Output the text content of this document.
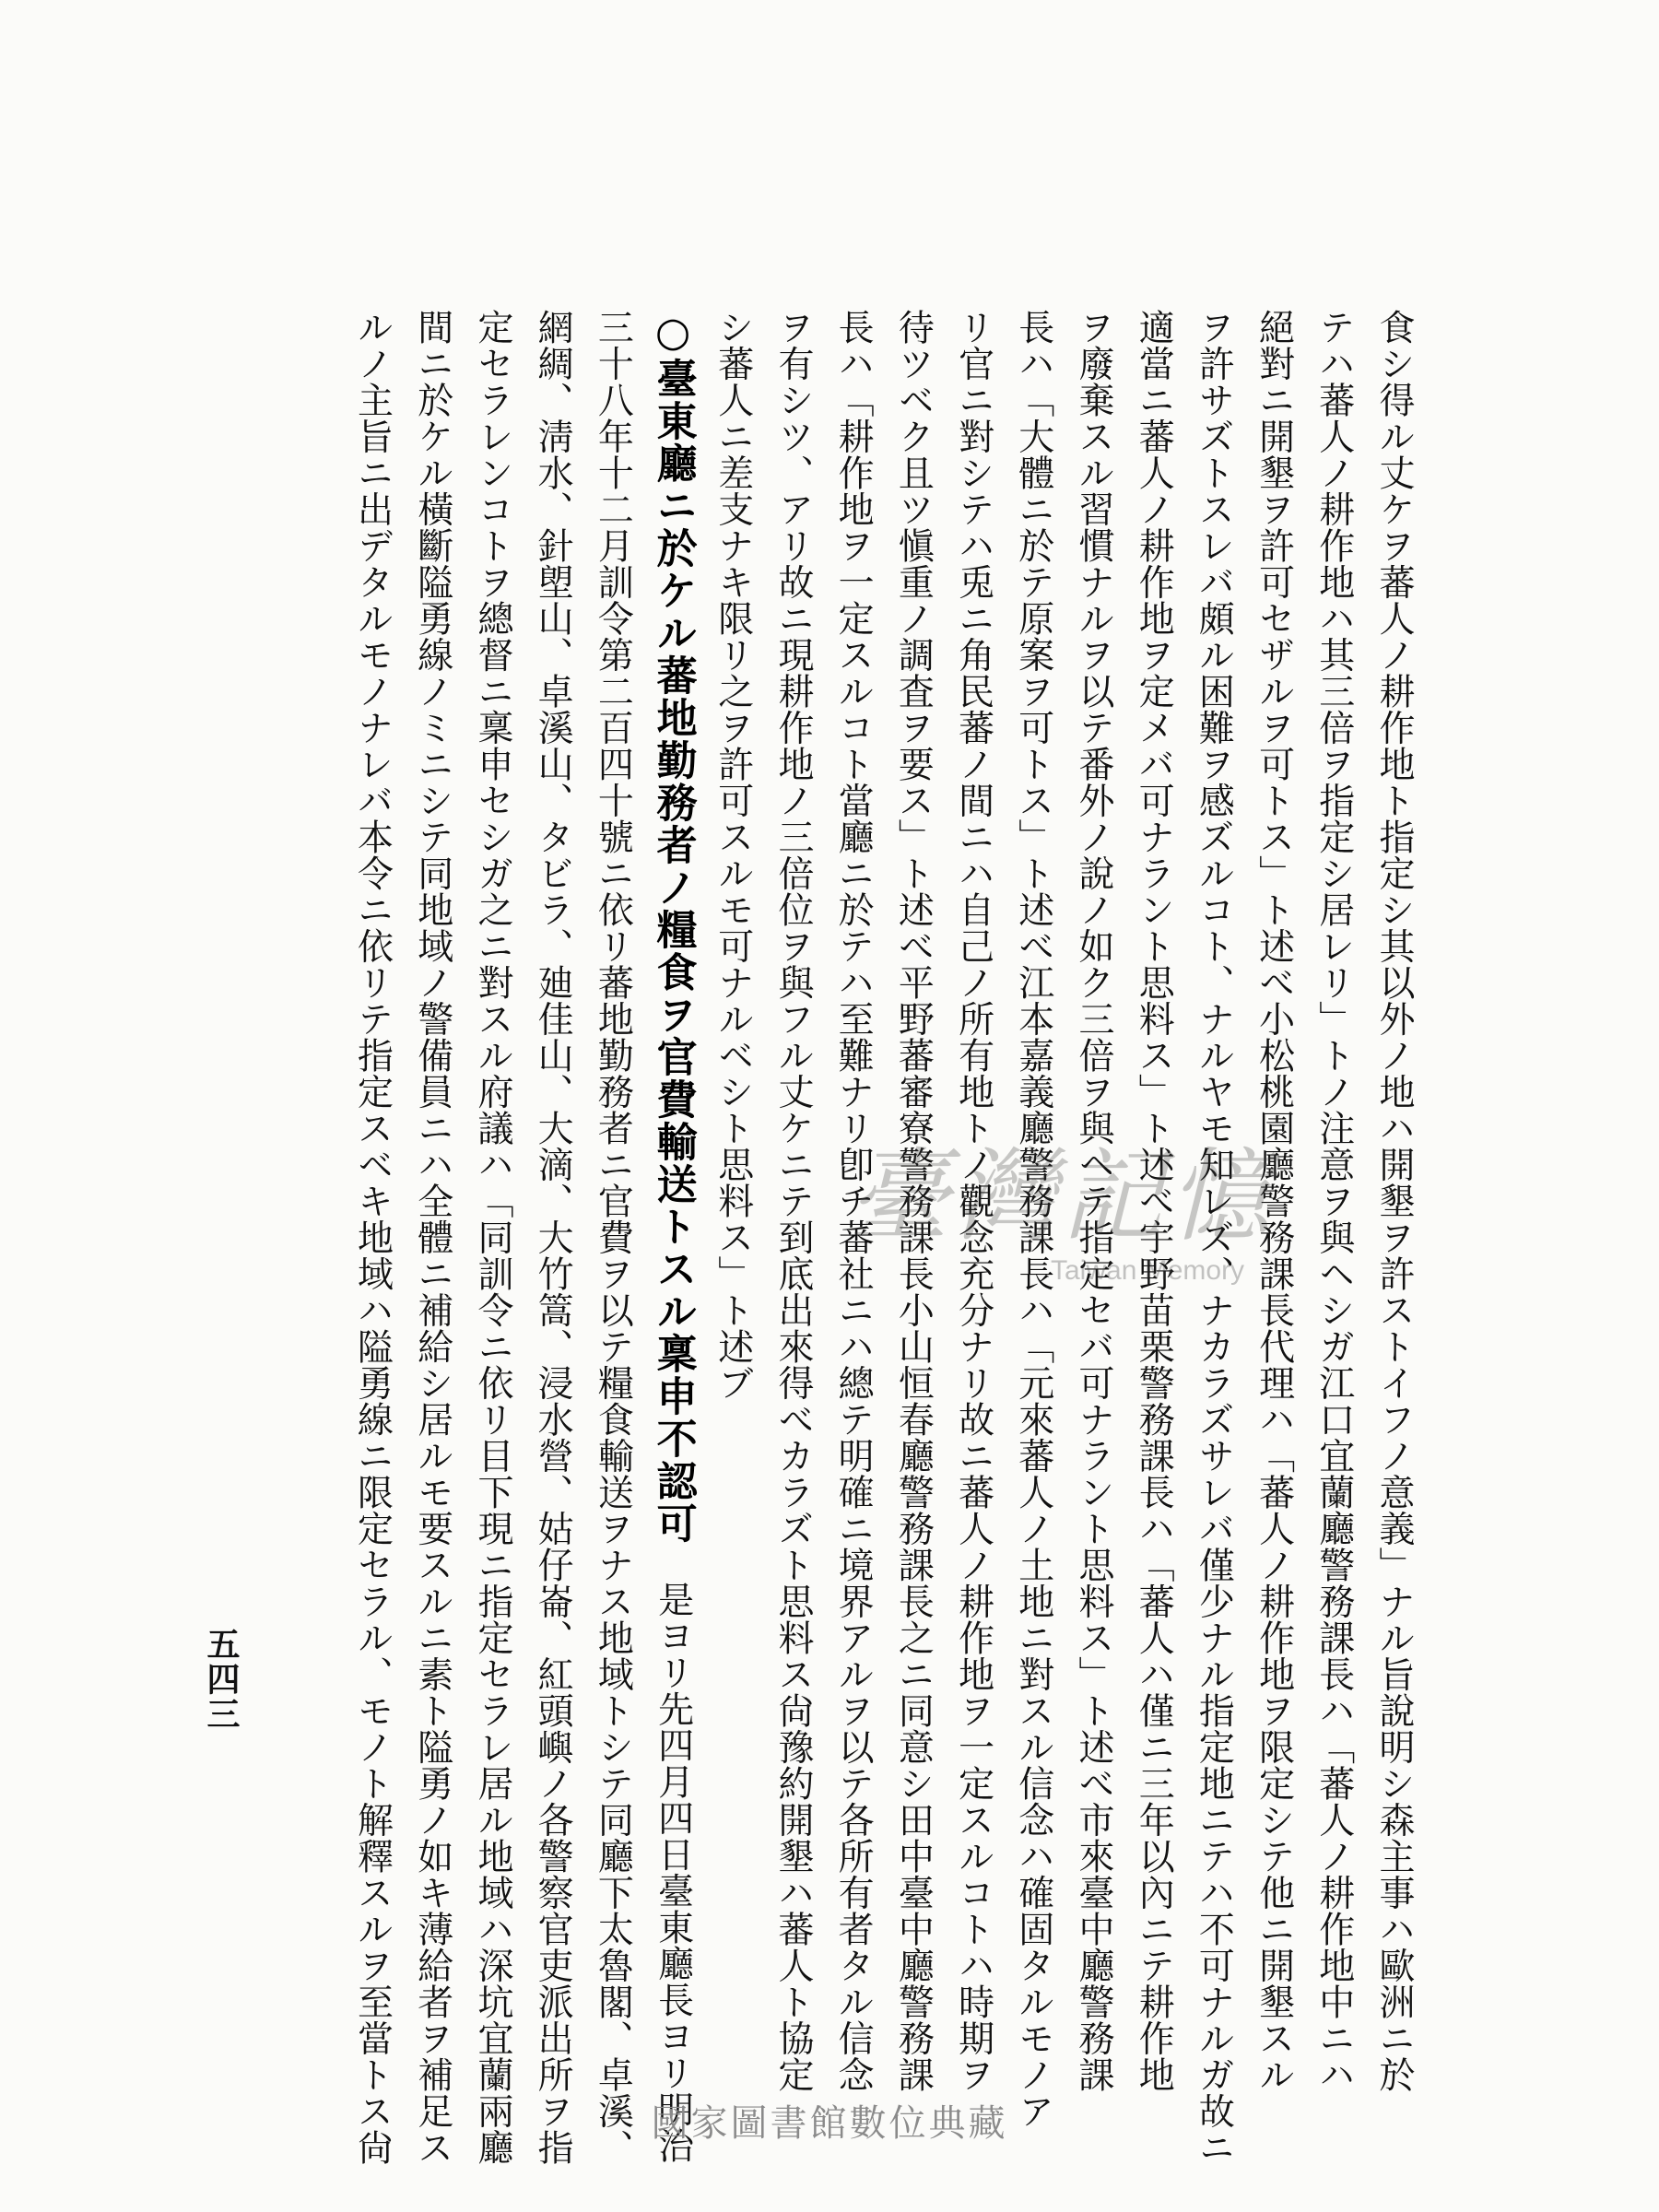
食シ得ル丈ケヲ蕃人ノ耕作地ト指定シ其以外ノ地ハ開墾ヲ許ストイフノ意義」ナル旨說明シ森主事ハ歐洲ニ於
テハ蕃人ノ耕作地ハ其三倍ヲ指定シ居レリ」トノ注意ヲ與ヘシガ江口宜蘭廳警務課長ハ「蕃人ノ耕作地中ニハ
絕對ニ開墾ヲ許可セザルヲ可トス」ト述べ小松桃園廳警務課長代理ハ「蕃人ノ耕作地ヲ限定シテ他ニ開墾スル
ヲ許サズトスレバ頗ル困難ヲ感ズルコト、ナルヤモ知レズ、ナカラズサレバ僅少ナル指定地ニテハ不可ナルガ故ニ
適當ニ蕃人ノ耕作地ヲ定メバ可ナラント思料ス」ト述べ宇野苗栗警務課長ハ「蕃人ハ僅ニ三年以內ニテ耕作地
ヲ廢棄スル習慣ナルヲ以テ番外ノ說ノ如ク三倍ヲ與ヘテ指定セバ可ナラント思料ス」ト述べ市來臺中廳警務課
長ハ「大體ニ於テ原案ヲ可トス」ト述べ江本嘉義廳警務課長ハ「元來蕃人ノ土地ニ對スル信念ハ確固タルモノア
リ官ニ對シテハ兎ニ角民蕃ノ間ニハ自己ノ所有地トノ觀念充分ナリ故ニ蕃人ノ耕作地ヲ一定スルコトハ時期ヲ
待ツベク且ツ愼重ノ調査ヲ要ス」ト述べ平野蕃審寮警務課長小山恒春廳警務課長之ニ同意シ田中臺中廳警務課
長ハ「耕作地ヲ一定スルコト當廳ニ於テハ至難ナリ卽チ蕃社ニハ總テ明確ニ境界アルヲ以テ各所有者タル信念
ヲ有シツ、アリ故ニ現耕作地ノ三倍位ヲ與フル丈ケニテ到底出來得べカラズト思料ス尙豫約開墾ハ蕃人ト協定
シ蕃人ニ差支ナキ限リ之ヲ許可スルモ可ナルベシト思料ス」ト述ブ
○臺東廳ニ於ケル蕃地勤務者ノ糧食ヲ官費輸送トスル稟申不認可　是ヨリ先四月四日臺東廳長ヨリ明治
三十八年十二月訓令第二百四十號ニ依リ蕃地勤務者ニ官費ヲ以テ糧食輸送ヲナス地域トシテ同廳下太魯閣、卓溪、
網綢、淸水、針塱山、卓溪山、タビラ、廸佳山、大滴、大竹篙、浸水營、姑仔崙、紅頭嶼ノ各警察官吏派出所ヲ指
定セラレンコトヲ總督ニ稟申セシガ之ニ對スル府議ハ「同訓令ニ依リ目下現ニ指定セラレ居ル地域ハ深坑宜蘭兩廳
間ニ於ケル橫斷隘勇線ノミニシテ同地域ノ警備員ニハ全體ニ補給シ居ルモ要スルニ素ト隘勇ノ如キ薄給者ヲ補足ス
ルノ主旨ニ出デタルモノナレバ本令ニ依リテ指定スベキ地域ハ隘勇線ニ限定セラル、モノト解釋スルヲ至當トス尙
五四三
臺灣記憶
Taiwan Memory
國家圖書館數位典藏
